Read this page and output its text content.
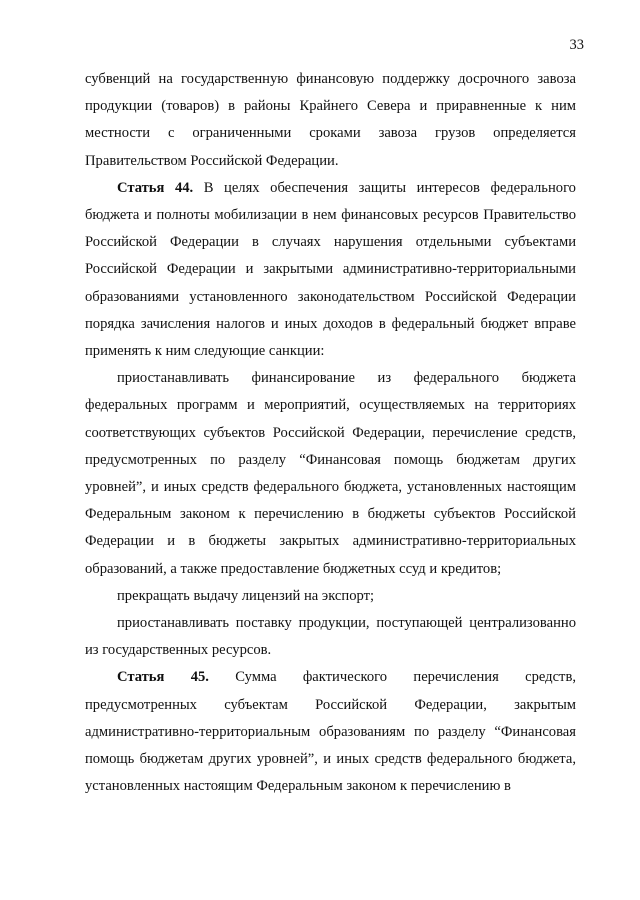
33

субвенций на государственную финансовую поддержку досрочного завоза продукции (товаров) в районы Крайнего Севера и приравненные к ним местности с ограниченными сроками завоза грузов определяется Правительством Российской Федерации.

Статья 44. В целях обеспечения защиты интересов федерального бюджета и полноты мобилизации в нем финансовых ресурсов Правительство Российской Федерации в случаях нарушения отдельными субъектами Российской Федерации и закрытыми административно-территориальными образованиями установленного законодательством Российской Федерации порядка зачисления налогов и иных доходов в федеральный бюджет вправе применять к ним следующие санкции:

приостанавливать финансирование из федерального бюджета федеральных программ и мероприятий, осуществляемых на территориях соответствующих субъектов Российской Федерации, перечисление средств, предусмотренных по разделу “Финансовая помощь бюджетам других уровней”, и иных средств федерального бюджета, установленных настоящим Федеральным законом к перечислению в бюджеты субъектов Российской Федерации и в бюджеты закрытых административно-территориальных образований, а также предоставление бюджетных ссуд и кредитов;

прекращать выдачу лицензий на экспорт;

приостанавливать поставку продукции, поступающей централизованно из государственных ресурсов.

Статья 45. Сумма фактического перечисления средств, предусмотренных субъектам Российской Федерации, закрытым административно-территориальным образованиям по разделу “Финансовая помощь бюджетам других уровней”, и иных средств федерального бюджета, установленных настоящим Федеральным законом к перечислению в
